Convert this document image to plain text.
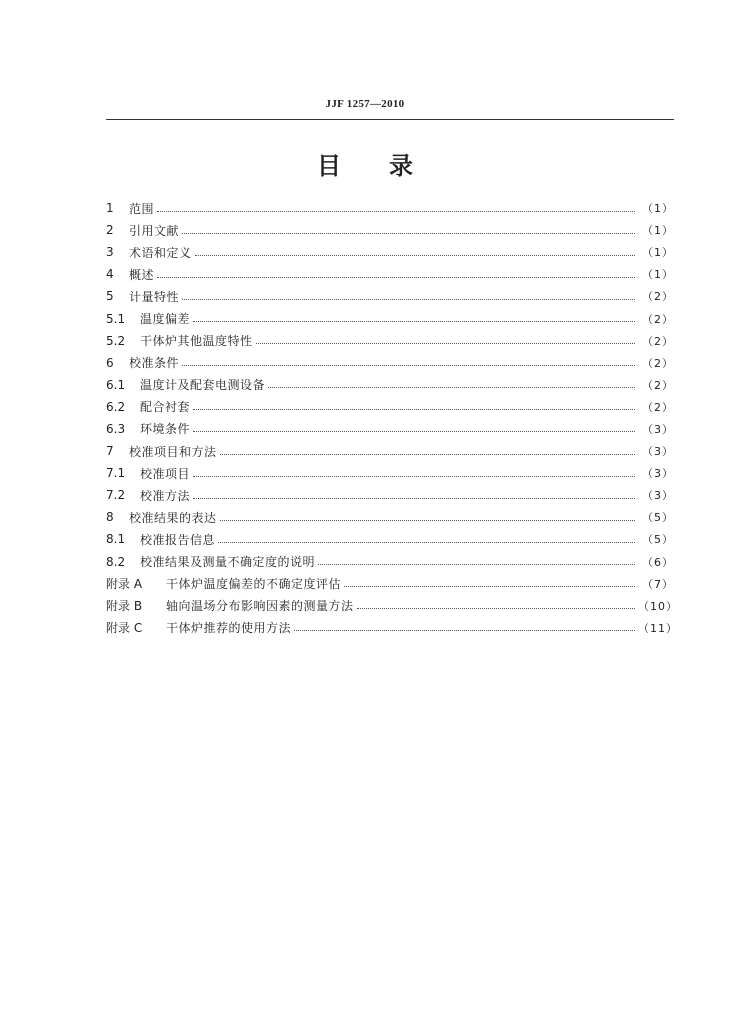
JJF 1257—2010
目 录
1	范围	（1）
2	引用文献	（1）
3	术语和定义	（1）
4	概述	（1）
5	计量特性	（2）
5.1	温度偏差	（2）
5.2	干体炉其他温度特性	（2）
6	校准条件	（2）
6.1	温度计及配套电测设备	（2）
6.2	配合衬套	（2）
6.3	环境条件	（3）
7	校准项目和方法	（3）
7.1	校准项目	（3）
7.2	校准方法	（3）
8	校准结果的表达	（5）
8.1	校准报告信息	（5）
8.2	校准结果及测量不确定度的说明	（6）
附录 A	干体炉温度偏差的不确定度评估	（7）
附录 B	轴向温场分布影响因素的测量方法	（10）
附录 C	干体炉推荐的使用方法	（11）
